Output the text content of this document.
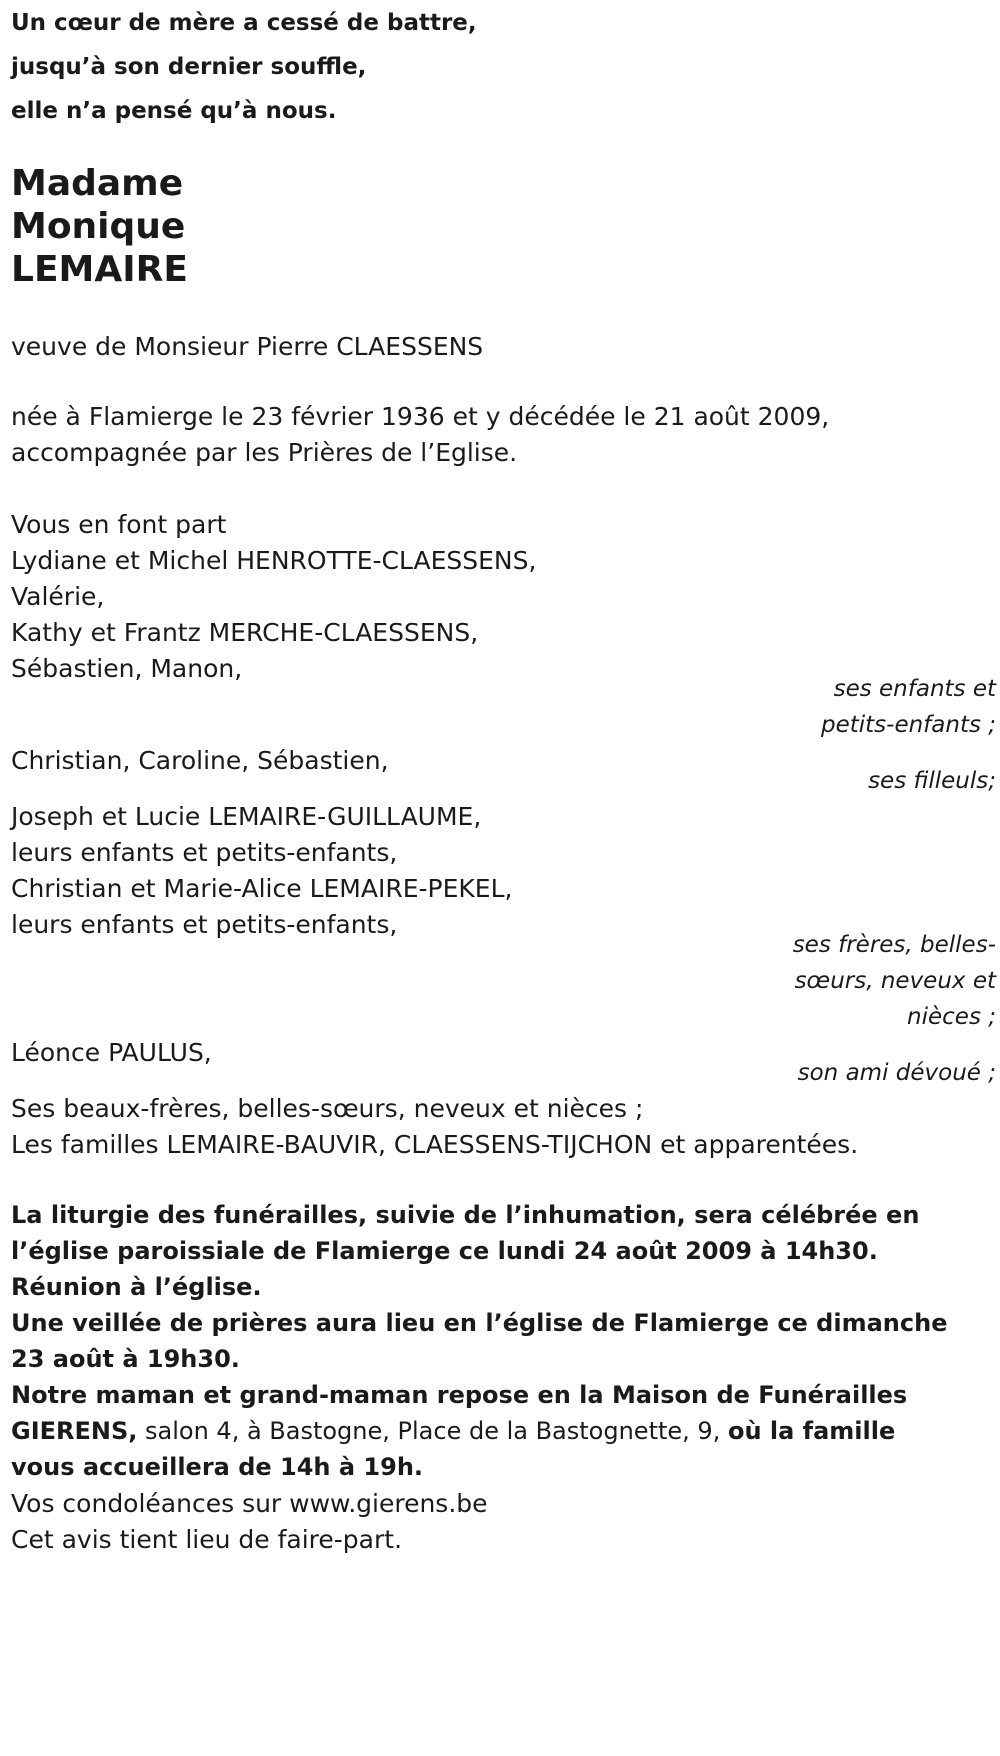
Un cœur de mère a cessé de battre,
jusqu’à son dernier souffle,
elle n’a pensé qu’à nous.
Madame
Monique
LEMAIRE
veuve de Monsieur Pierre CLAESSENS
née à Flamierge le 23 février 1936 et y décédée le 21 août 2009,
accompagnée par les Prières de l’Eglise.
Vous en font part
Lydiane et Michel HENROTTE-CLAESSENS,
Valérie,
Kathy et Frantz MERCHE-CLAESSENS,
Sébastien, Manon,
ses enfants et
petits-enfants ;
Christian, Caroline, Sébastien,
ses filleuls;
Joseph et Lucie LEMAIRE-GUILLAUME,
leurs enfants et petits-enfants,
Christian et Marie-Alice LEMAIRE-PEKEL,
leurs enfants et petits-enfants,
ses frères, belles-
sœurs, neveux et
nièces ;
Léonce PAULUS,
son ami dévoué ;
Ses beaux-frères, belles-sœurs, neveux et nièces ;
Les familles LEMAIRE-BAUVIR, CLAESSENS-TIJCHON et apparentées.
La liturgie des funérailles, suivie de l’inhumation, sera célébrée en
l’église paroissiale de Flamierge ce lundi 24 août 2009 à 14h30.
Réunion à l’église.
Une veillée de prières aura lieu en l’église de Flamierge ce dimanche
23 août à 19h30.
Notre maman et grand-maman repose en la Maison de Funérailles
GIERENS, salon 4, à Bastogne, Place de la Bastognette, 9, où la famille
vous accueillera de 14h à 19h.
Vos condoléances sur www.gierens.be
Cet avis tient lieu de faire-part.
